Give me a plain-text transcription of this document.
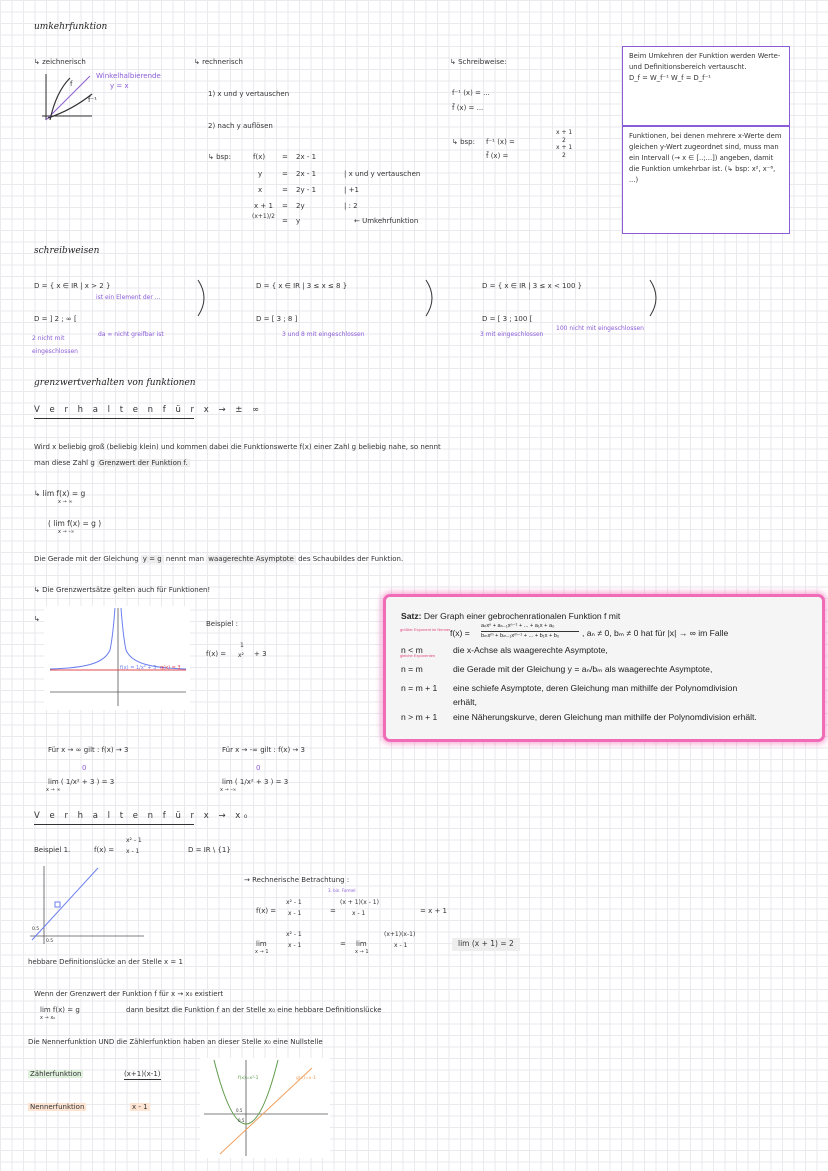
umkehrfunktion
↳ zeichnerisch
f
f⁻¹
Winkelhalbierende
y = x
↳ rechnerisch
1) x und y vertauschen
2) nach y auflösen
↳ bsp:	f(x) = 2x - 1
y	= 2x - 1	| x und y vertauschen
x	= 2y - 1	| +1
x + 1 = 2y	| : 2
(x+1)/2
= y	← Umkehrfunktion
↳ Schreibweise:
f⁻¹ (x) = ...
f̄ (x) = ...
↳ bsp: f⁻¹ (x) =
f̄ (x) =
x + 1
2
x + 1
2
Beim Umkehren der Funktion werden Werte- und Definitionsbereich vertauscht.
D_f = W_f⁻¹ W_f = D_f⁻¹
Funktionen, bei denen mehrere x-Werte dem gleichen y-Wert zugeordnet sind, muss man ein Intervall (→ x ∈ [..;...]) angeben, damit die Funktion umkehrbar ist. (↳ bsp: x², x⁻⁶, ...)
schreibweisen
D = { x ∈ IR | x > 2 }
ist ein Element der ...
D = ] 2 ; ∞ [
2 nicht mit eingeschlossen
da ∞ nicht greifbar ist
D = { x ∈ IR | 3 ≤ x ≤ 8 }
D = [ 3 ; 8 ]
3 und 8 mit eingeschlossen
D = { x ∈ IR | 3 ≤ x < 100 }
D = [ 3 ; 100 [
3 mit eingeschlossen
100 nicht mit eingeschlossen
grenzwertverhalten von funktionen
V e r h a l t e n f ü r x → ± ∞
Wird x beliebig groß (beliebig klein) und kommen dabei die Funktionswerte f(x) einer Zahl g beliebig nahe, so nennt
man diese Zahl g Grenzwert der Funktion f.
↳ lim f(x) = g
x → ∞
( lim f(x) = g )
x → -∞
Die Gerade mit der Gleichung y = g nennt man waagerechte Asymptote des Schaubildes der Funktion.
↳ Die Grenzwertsätze gelten auch für Funktionen!
↳
f(x) = 1/x² + 3 g(x) = 3
Beispiel :
f(x) =
1
x² + 3
Für x → ∞ gilt : f(x) → 3	Für x → -∞ gilt : f(x) → 3
lim ( 1/x² + 3 ) = 3
x → ∞
0
lim ( 1/x² + 3 ) = 3
x → -∞
0
Satz: Der Graph einer gebrochenrationalen Funktion f mit
größter Exponent im Nenner
gleiche Exponenten
f(x) =
aₙxⁿ + aₙ₋₁xⁿ⁻¹ + ... + a₁x + a₀
bₘxᵐ + bₘ₋₁xᵐ⁻¹ + ... + b₁x + b₀	, aₙ ≠ 0, bₘ ≠ 0 hat für |x| → ∞ im Falle
n < m	die x-Achse als waagerechte Asymptote,
n = m	die Gerade mit der Gleichung y = aₙ/bₘ als waagerechte Asymptote,
n = m + 1 eine schiefe Asymptote, deren Gleichung man mithilfe der Polynomdivision
erhält,
n > m + 1 eine Näherungskurve, deren Gleichung man mithilfe der Polynomdivision erhält.
V e r h a l t e n f ü r x → x₀
Beispiel 1.	f(x) =
x² - 1
x - 1	D = IR \ {1}
0.5
0.5
→ Rechnerische Betrachtung :
3. bin. Formel
f(x) =
x² - 1
x - 1	=
(x + 1)(x - 1)
x - 1	= x + 1
lim
x → 1
x² - 1
x - 1	= lim
x → 1
(x+1)(x-1)
x - 1	lim (x + 1) = 2
hebbare Definitionslücke an der Stelle x = 1
Wenn der Grenzwert der Funktion f für x → x₀ existiert
lim f(x) = g
x → x₀
dann besitzt die Funktion f an der Stelle x₀ eine hebbare Definitionslücke
Die Nennerfunktion UND die Zählerfunktion haben an dieser Stelle x₀ eine Nullstelle
Zählerfunktion	(x+1)(x-1)
Nennerfunktion	x - 1	0.5
0.5
f(x)=x²-1	g(x)=x-1
